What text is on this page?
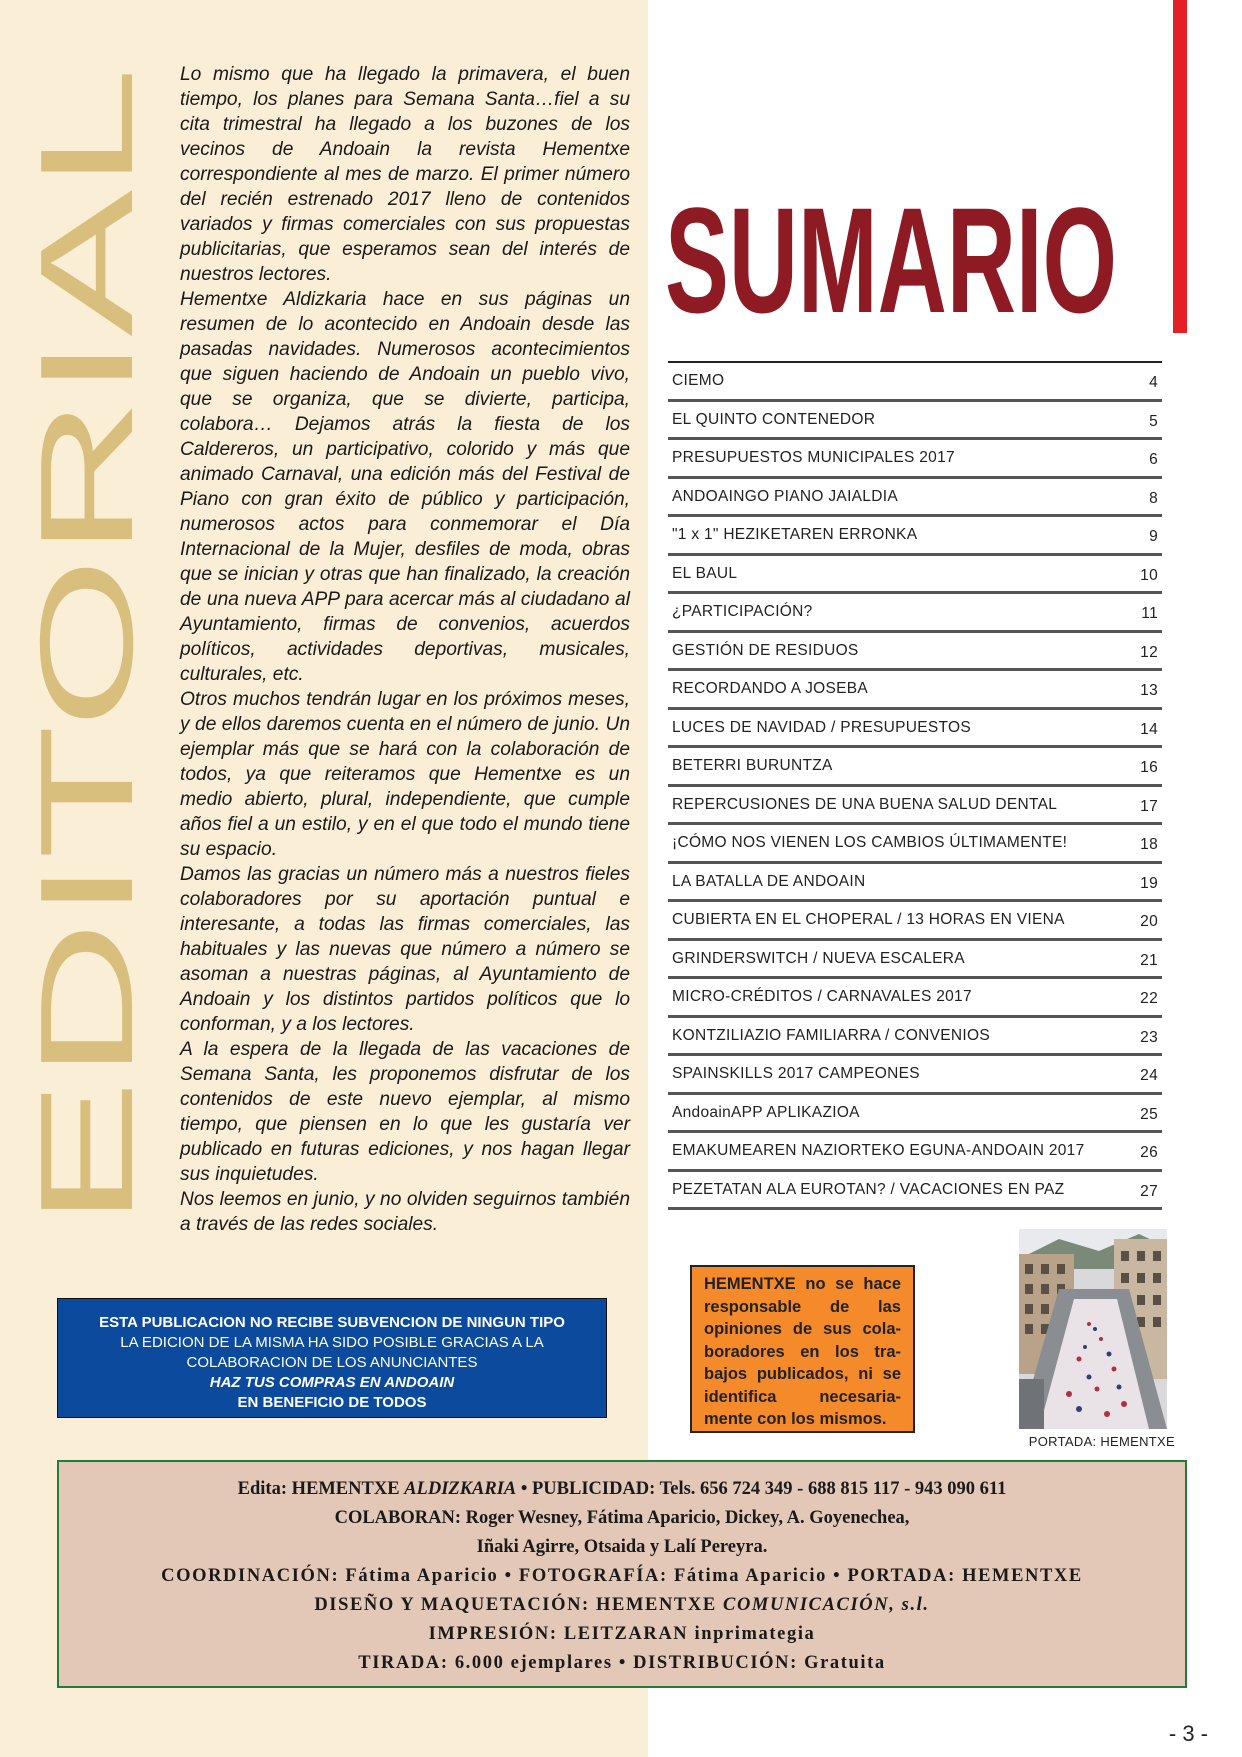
EDITORIAL

Lo mismo que ha llegado la primavera, el buen tiempo, los planes para Semana Santa…fiel a su cita trimestral ha llegado a los buzones de los vecinos de Andoain la revista Hementxe correspondiente al mes de marzo. El primer número del recién estrenado 2017 lleno de contenidos variados y firmas comerciales con sus propuestas publicitarias, que esperamos sean del interés de nuestros lectores.

Hementxe Aldizkaria hace en sus páginas un resumen de lo acontecido en Andoain desde las pasadas navidades. Numerosos acontecimientos que siguen haciendo de Andoain un pueblo vivo, que se organiza, que se divierte, participa, colabora… Dejamos atrás la fiesta de los Caldereros, un participativo, colorido y más que animado Carnaval, una edición más del Festival de Piano con gran éxito de público y participación, numerosos actos para conmemorar el Día Internacional de la Mujer, desfiles de moda, obras que se inician y otras que han finalizado, la creación de una nueva APP para acercar más al ciudadano al Ayuntamiento, firmas de convenios, acuerdos políticos, actividades deportivas, musicales, culturales, etc.

Otros muchos tendrán lugar en los próximos meses, y de ellos daremos cuenta en el número de junio. Un ejemplar más que se hará con la colaboración de todos, ya que reiteramos que Hementxe es un medio abierto, plural, independiente, que cumple años fiel a un estilo, y en el que todo el mundo tiene su espacio.

Damos las gracias un número más a nuestros fieles colaboradores por su aportación puntual e interesante, a todas las firmas comerciales, las habituales y las nuevas que número a número se asoman a nuestras páginas, al Ayuntamiento de Andoain y los distintos partidos políticos que lo conforman, y a los lectores.

A la espera de la llegada de las vacaciones de Semana Santa, les proponemos disfrutar de los contenidos de este nuevo ejemplar, al mismo tiempo, que piensen en lo que les gustaría ver publicado en futuras ediciones, y nos hagan llegar sus inquietudes.

Nos leemos en junio, y no olviden seguirnos también a través de las redes sociales.

ESTA PUBLICACION NO RECIBE SUBVENCION DE NINGUN TIPO
LA EDICION DE LA MISMA HA SIDO POSIBLE GRACIAS A LA
COLABORACION DE LOS ANUNCIANTES
HAZ TUS COMPRAS EN ANDOAIN
EN BENEFICIO DE TODOS
SUMARIO
CIEMO	4
EL QUINTO CONTENEDOR	5
PRESUPUESTOS MUNICIPALES 2017	6
ANDOAINGO PIANO JAIALDIA	8
"1 x 1" HEZIKETAREN ERRONKA	9
EL BAUL	10
¿PARTICIPACIÓN?	11
GESTIÓN DE RESIDUOS	12
RECORDANDO A JOSEBA	13
LUCES DE NAVIDAD / PRESUPUESTOS	14
BETERRI BURUNTZA	16
REPERCUSIONES DE UNA BUENA SALUD DENTAL	17
¡CÓMO NOS VIENEN LOS CAMBIOS ÚLTIMAMENTE!	18
LA BATALLA DE ANDOAIN	19
CUBIERTA EN EL CHOPERAL / 13 HORAS EN VIENA	20
GRINDERSWITCH / NUEVA ESCALERA	21
MICRO-CRÉDITOS / CARNAVALES 2017	22
KONTZILIAZIO FAMILIARRA / CONVENIOS	23
SPAINSKILLS 2017 CAMPEONES	24
AndoainAPP APLIKAZIOA	25
EMAKUMEAREN NAZIORTEKO EGUNA-ANDOAIN 2017	26
PEZETATAN ALA EUROTAN? / VACACIONES EN PAZ	27
HEMENTXE no se hace
responsable de las
opiniones de sus cola-
boradores en los tra-
bajos publicados, ni se
identifica necesaria-
mente con los mismos.
PORTADA: HEMENTXE
Edita: HEMENTXE ALDIZKARIA • PUBLICIDAD: Tels. 656 724 349 - 688 815 117 - 943 090 611
COLABORAN: Roger Wesney, Fátima Aparicio, Dickey, A. Goyenechea,
Iñaki Agirre, Otsaida y Lalí Pereyra.
COORDINACIÓN: Fátima Aparicio • FOTOGRAFÍA: Fátima Aparicio • PORTADA: HEMENTXE
DISEÑO Y MAQUETACIÓN: HEMENTXE COMUNICACIÓN, s.l.
IMPRESIÓN: LEITZARAN inprimategia
TIRADA: 6.000 ejemplares • DISTRIBUCIÓN: Gratuita
- 3 -
